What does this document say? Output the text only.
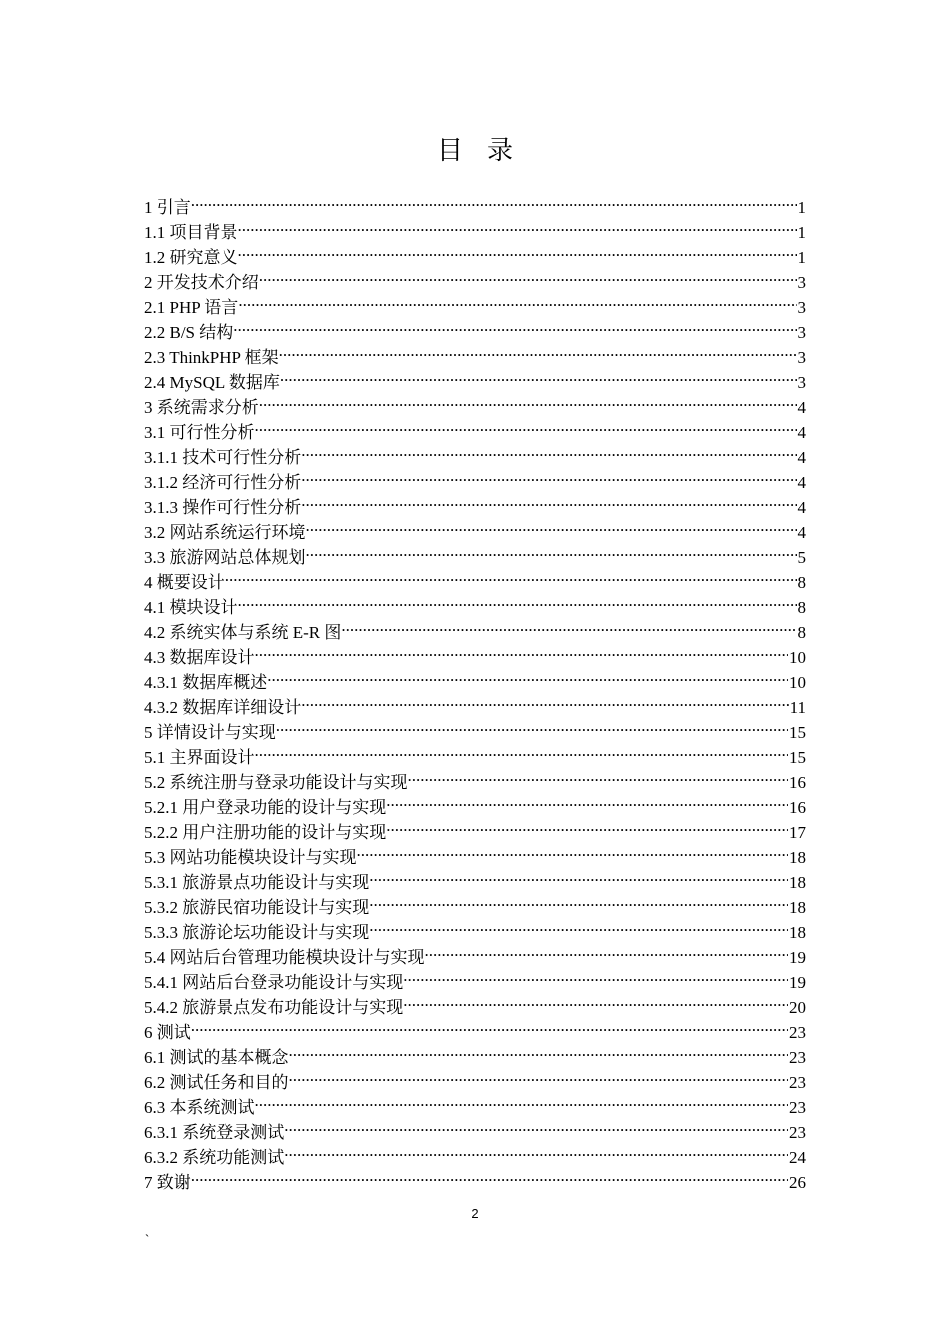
目 录
1 引言 .....	1
1.1 项目背景 .....	1
1.2 研究意义 .....	1
2 开发技术介绍 .....	3
2.1 PHP 语言 .....	3
2.2 B/S 结构 .....	3
2.3 ThinkPHP 框架 .....	3
2.4 MySQL 数据库 .....	3
3 系统需求分析 .....	4
3.1 可行性分析 .....	4
3.1.1 技术可行性分析 .....	4
3.1.2 经济可行性分析 .....	4
3.1.3 操作可行性分析 .....	4
3.2 网站系统运行环境 .....	4
3.3 旅游网站总体规划 .....	5
4 概要设计 .....	8
4.1 模块设计 .....	8
4.2 系统实体与系统 E-R 图 .....	8
4.3 数据库设计 .....	10
4.3.1 数据库概述 .....	10
4.3.2 数据库详细设计 .....	11
5 详情设计与实现 .....	15
5.1 主界面设计 .....	15
5.2 系统注册与登录功能设计与实现 .....	16
5.2.1 用户登录功能的设计与实现 .....	16
5.2.2 用户注册功能的设计与实现 .....	17
5.3 网站功能模块设计与实现 .....	18
5.3.1 旅游景点功能设计与实现 .....	18
5.3.2 旅游民宿功能设计与实现 .....	18
5.3.3 旅游论坛功能设计与实现 .....	18
5.4 网站后台管理功能模块设计与实现 .....	19
5.4.1 网站后台登录功能设计与实现 .....	19
5.4.2 旅游景点发布功能设计与实现 .....	20
6 测试 .....	23
6.1 测试的基本概念 .....	23
6.2 测试任务和目的 .....	23
6.3 本系统测试 .....	23
6.3.1 系统登录测试 .....	23
6.3.2 系统功能测试 .....	24
7 致谢 .....	26
2
`
